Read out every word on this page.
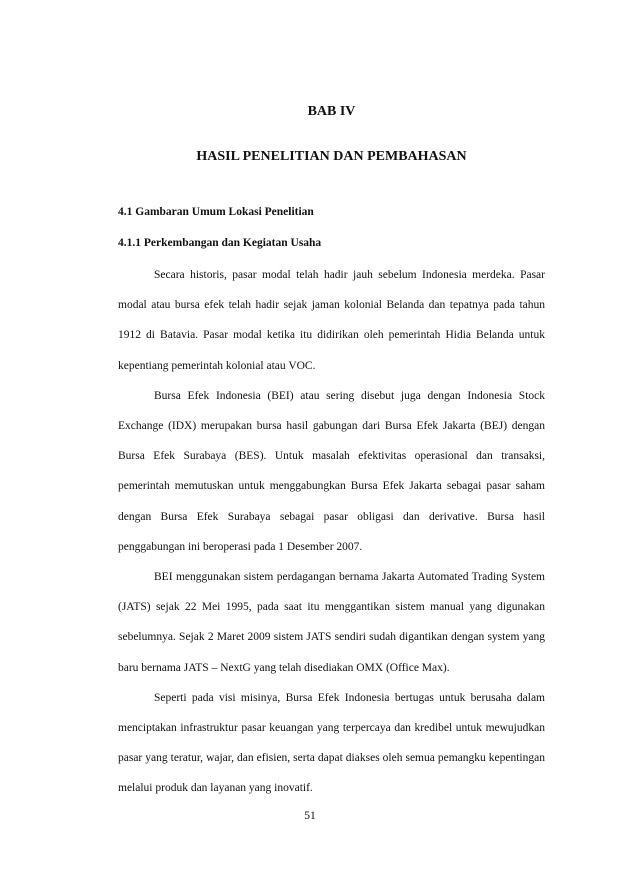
BAB IV
HASIL PENELITIAN DAN PEMBAHASAN
4.1 Gambaran Umum Lokasi Penelitian
4.1.1 Perkembangan dan Kegiatan Usaha

Secara historis, pasar modal telah hadir jauh sebelum Indonesia merdeka. Pasar modal atau bursa efek telah hadir sejak jaman kolonial Belanda dan tepatnya pada tahun 1912 di Batavia. Pasar modal ketika itu didirikan oleh pemerintah Hidia Belanda untuk kepentiang pemerintah kolonial atau VOC.

Bursa Efek Indonesia (BEI) atau sering disebut juga dengan Indonesia Stock Exchange (IDX) merupakan bursa hasil gabungan dari Bursa Efek Jakarta (BEJ) dengan Bursa Efek Surabaya (BES). Untuk masalah efektivitas operasional dan transaksi, pemerintah memutuskan untuk menggabungkan Bursa Efek Jakarta sebagai pasar saham dengan Bursa Efek Surabaya sebagai pasar obligasi dan derivative. Bursa hasil penggabungan ini beroperasi pada 1 Desember 2007.

BEI menggunakan sistem perdagangan bernama Jakarta Automated Trading System (JATS) sejak 22 Mei 1995, pada saat itu menggantikan sistem manual yang digunakan sebelumnya. Sejak 2 Maret 2009 sistem JATS sendiri sudah digantikan dengan system yang baru bernama JATS – NextG yang telah disediakan OMX (Office Max).

Seperti pada visi misinya, Bursa Efek Indonesia bertugas untuk berusaha dalam menciptakan infrastruktur pasar keuangan yang terpercaya dan kredibel untuk mewujudkan pasar yang teratur, wajar, dan efisien, serta dapat diakses oleh semua pemangku kepentingan melalui produk dan layanan yang inovatif.

51
